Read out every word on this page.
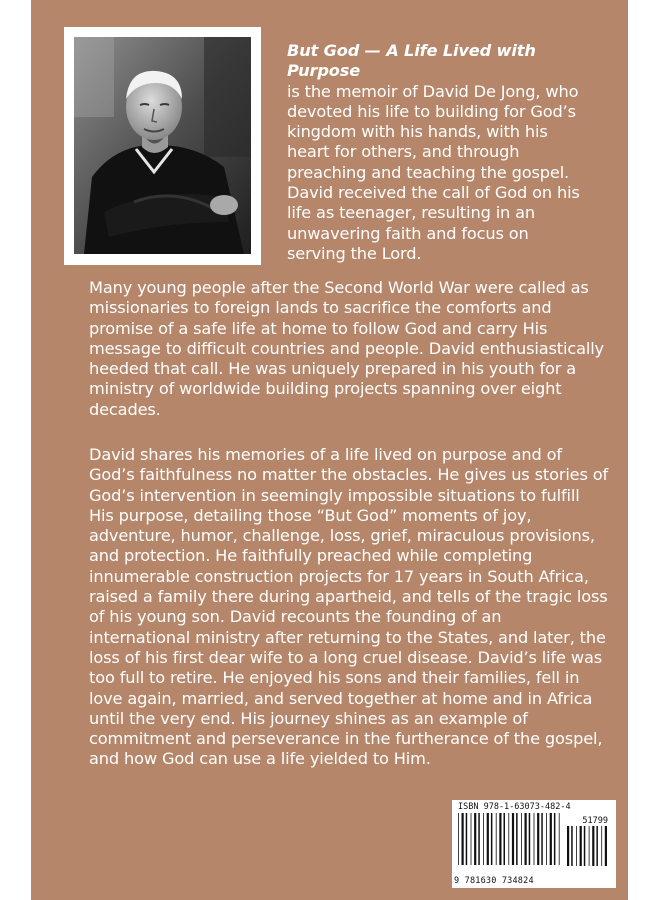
But God — A Life Lived with Purpose
is the memoir of David De Jong, who
devoted his life to building for God’s
kingdom with his hands, with his
heart for others, and through
preaching and teaching the gospel.
David received the call of God on his
life as teenager, resulting in an
unwavering faith and focus on
serving the Lord.

Many young people after the Second World War were called as
missionaries to foreign lands to sacrifice the comforts and
promise of a safe life at home to follow God and carry His
message to difficult countries and people. David enthusiastically
heeded that call. He was uniquely prepared in his youth for a
ministry of worldwide building projects spanning over eight
decades.

David shares his memories of a life lived on purpose and of
God’s faithfulness no matter the obstacles. He gives us stories of
God’s intervention in seemingly impossible situations to fulfill
His purpose, detailing those “But God” moments of joy,
adventure, humor, challenge, loss, grief, miraculous provisions,
and protection. He faithfully preached while completing
innumerable construction projects for 17 years in South Africa,
raised a family there during apartheid, and tells of the tragic loss
of his young son. David recounts the founding of an
international ministry after returning to the States, and later, the
loss of his first dear wife to a long cruel disease. David’s life was
too full to retire. He enjoyed his sons and their families, fell in
love again, married, and served together at home and in Africa
until the very end. His journey shines as an example of
commitment and perseverance in the furtherance of the gospel,
and how God can use a life yielded to Him.

ISBN 978-1-63073-482-4
51799
9 781630 734824
